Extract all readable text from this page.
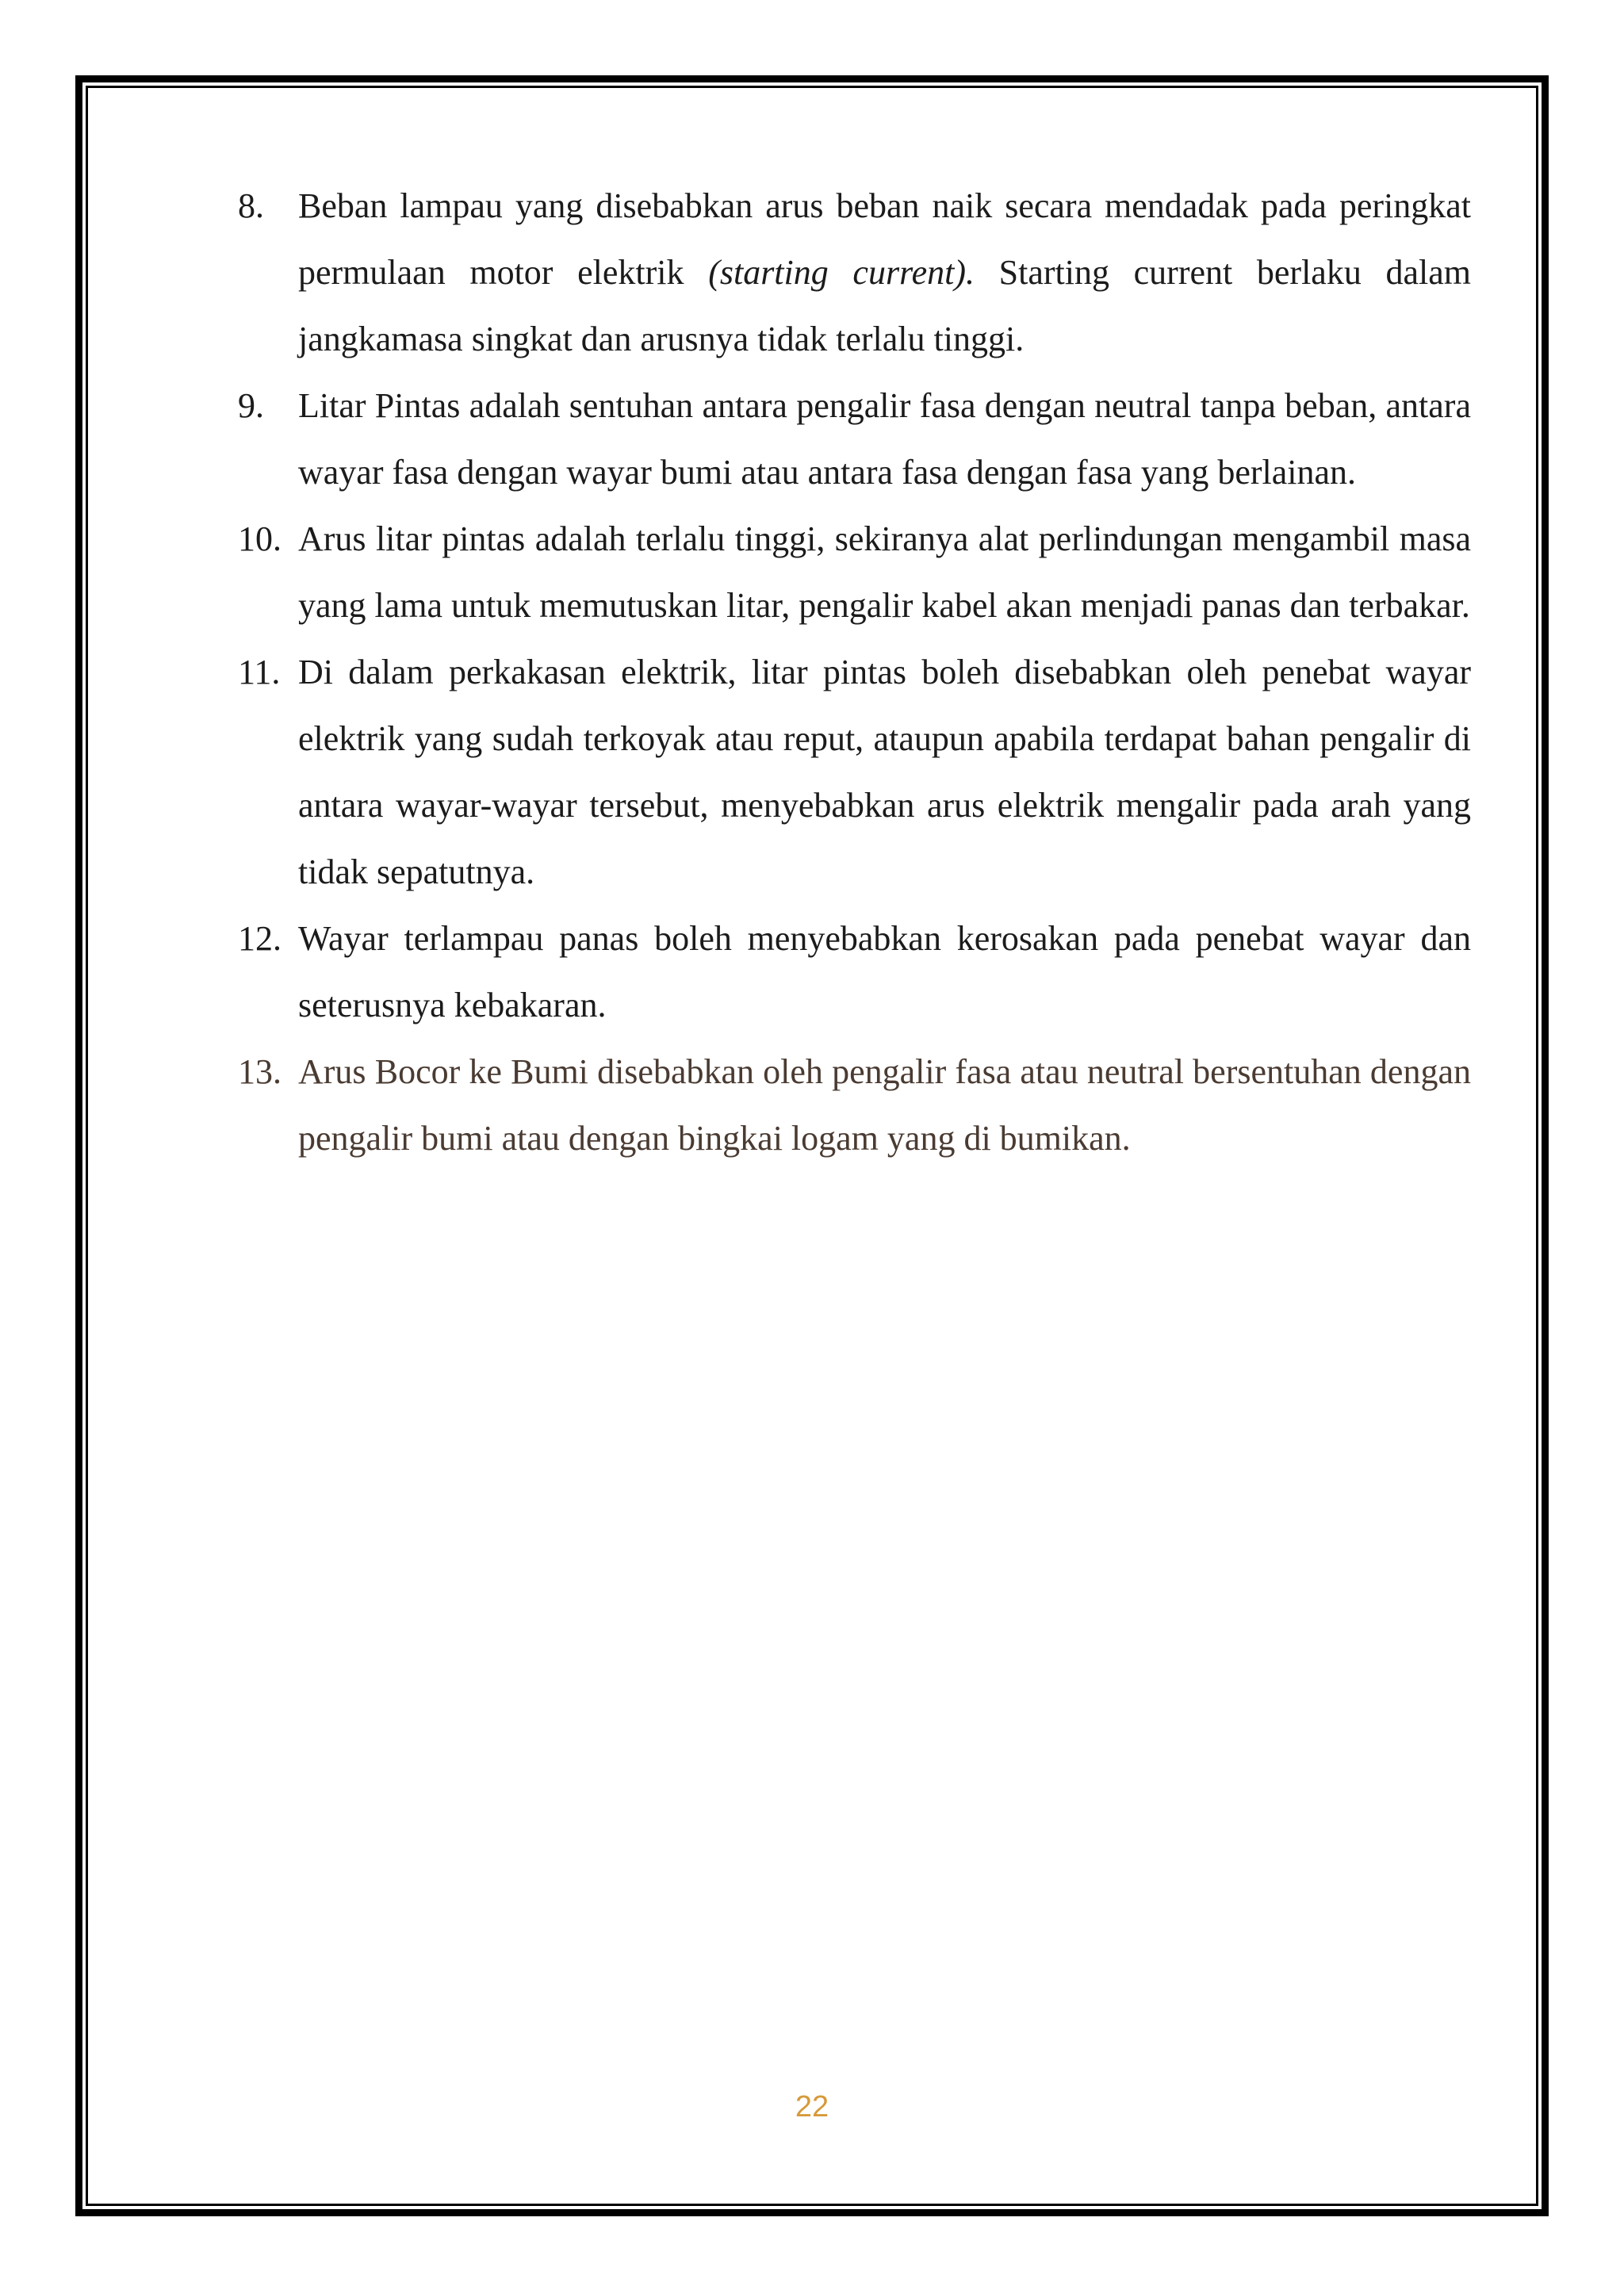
8. Beban lampau yang disebabkan arus beban naik secara mendadak pada peringkat permulaan motor elektrik (starting current). Starting current berlaku dalam jangkamasa singkat dan arusnya tidak terlalu tinggi.
9. Litar Pintas adalah sentuhan antara pengalir fasa dengan neutral tanpa beban, antara wayar fasa dengan wayar bumi atau antara fasa dengan fasa yang berlainan.
10. Arus litar pintas adalah terlalu tinggi, sekiranya alat perlindungan mengambil masa yang lama untuk memutuskan litar, pengalir kabel akan menjadi panas dan terbakar.
11. Di dalam perkakasan elektrik, litar pintas boleh disebabkan oleh penebat wayar elektrik yang sudah terkoyak atau reput, ataupun apabila terdapat bahan pengalir di antara wayar-wayar tersebut, menyebabkan arus elektrik mengalir pada arah yang tidak sepatutnya.
12. Wayar terlampau panas boleh menyebabkan kerosakan pada penebat wayar dan seterusnya kebakaran.
13. Arus Bocor ke Bumi disebabkan oleh pengalir fasa atau neutral bersentuhan dengan pengalir bumi atau dengan bingkai logam yang di bumikan.
22
